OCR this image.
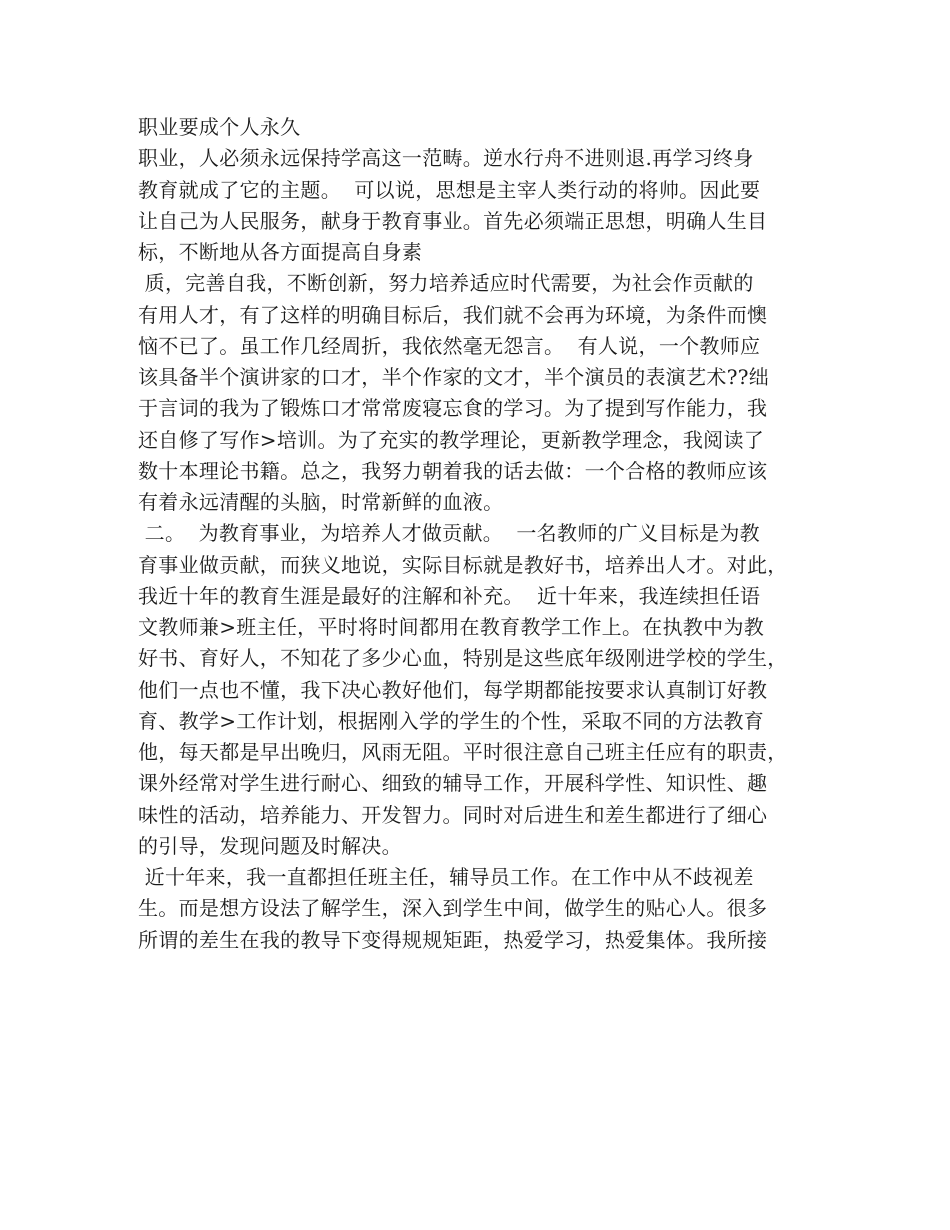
职业要成个人永久
职业，人必须永远保持学高这一范畴。逆水行舟不进则退.再学习终身
教育就成了它的主题。  可以说，思想是主宰人类行动的将帅。因此要
让自己为人民服务，献身于教育事业。首先必须端正思想，明确人生目
标，不断地从各方面提高自身素
质，完善自我，不断创新，努力培养适应时代需要，为社会作贡献的
有用人才，有了这样的明确目标后，我们就不会再为环境，为条件而懊
恼不已了。虽工作几经周折，我依然毫无怨言。  有人说，一个教师应
该具备半个演讲家的口才，半个作家的文才，半个演员的表演艺术??绌
于言词的我为了锻炼口才常常废寝忘食的学习。为了提到写作能力，我
还自修了写作>培训。为了充实的教学理论，更新教学理念，我阅读了
数十本理论书籍。总之，我努力朝着我的话去做：一个合格的教师应该
有着永远清醒的头脑，时常新鲜的血液。
二。  为教育事业，为培养人才做贡献。  一名教师的广义目标是为教
育事业做贡献，而狭义地说，实际目标就是教好书，培养出人才。对此，
我近十年的教育生涯是最好的注解和补充。  近十年来，我连续担任语
文教师兼>班主任，平时将时间都用在教育教学工作上。在执教中为教
好书、育好人，不知花了多少心血，特别是这些底年级刚进学校的学生，
他们一点也不懂，我下决心教好他们，每学期都能按要求认真制订好教
育、教学>工作计划，根据刚入学的学生的个性，采取不同的方法教育
他，每天都是早出晚归，风雨无阻。平时很注意自己班主任应有的职责，
课外经常对学生进行耐心、细致的辅导工作，开展科学性、知识性、趣
味性的活动，培养能力、开发智力。同时对后进生和差生都进行了细心
的引导，发现问题及时解决。
近十年来，我一直都担任班主任，辅导员工作。在工作中从不歧视差
生。而是想方设法了解学生，深入到学生中间，做学生的贴心人。很多
所谓的差生在我的教导下变得规规矩距，热爱学习，热爱集体。我所接
